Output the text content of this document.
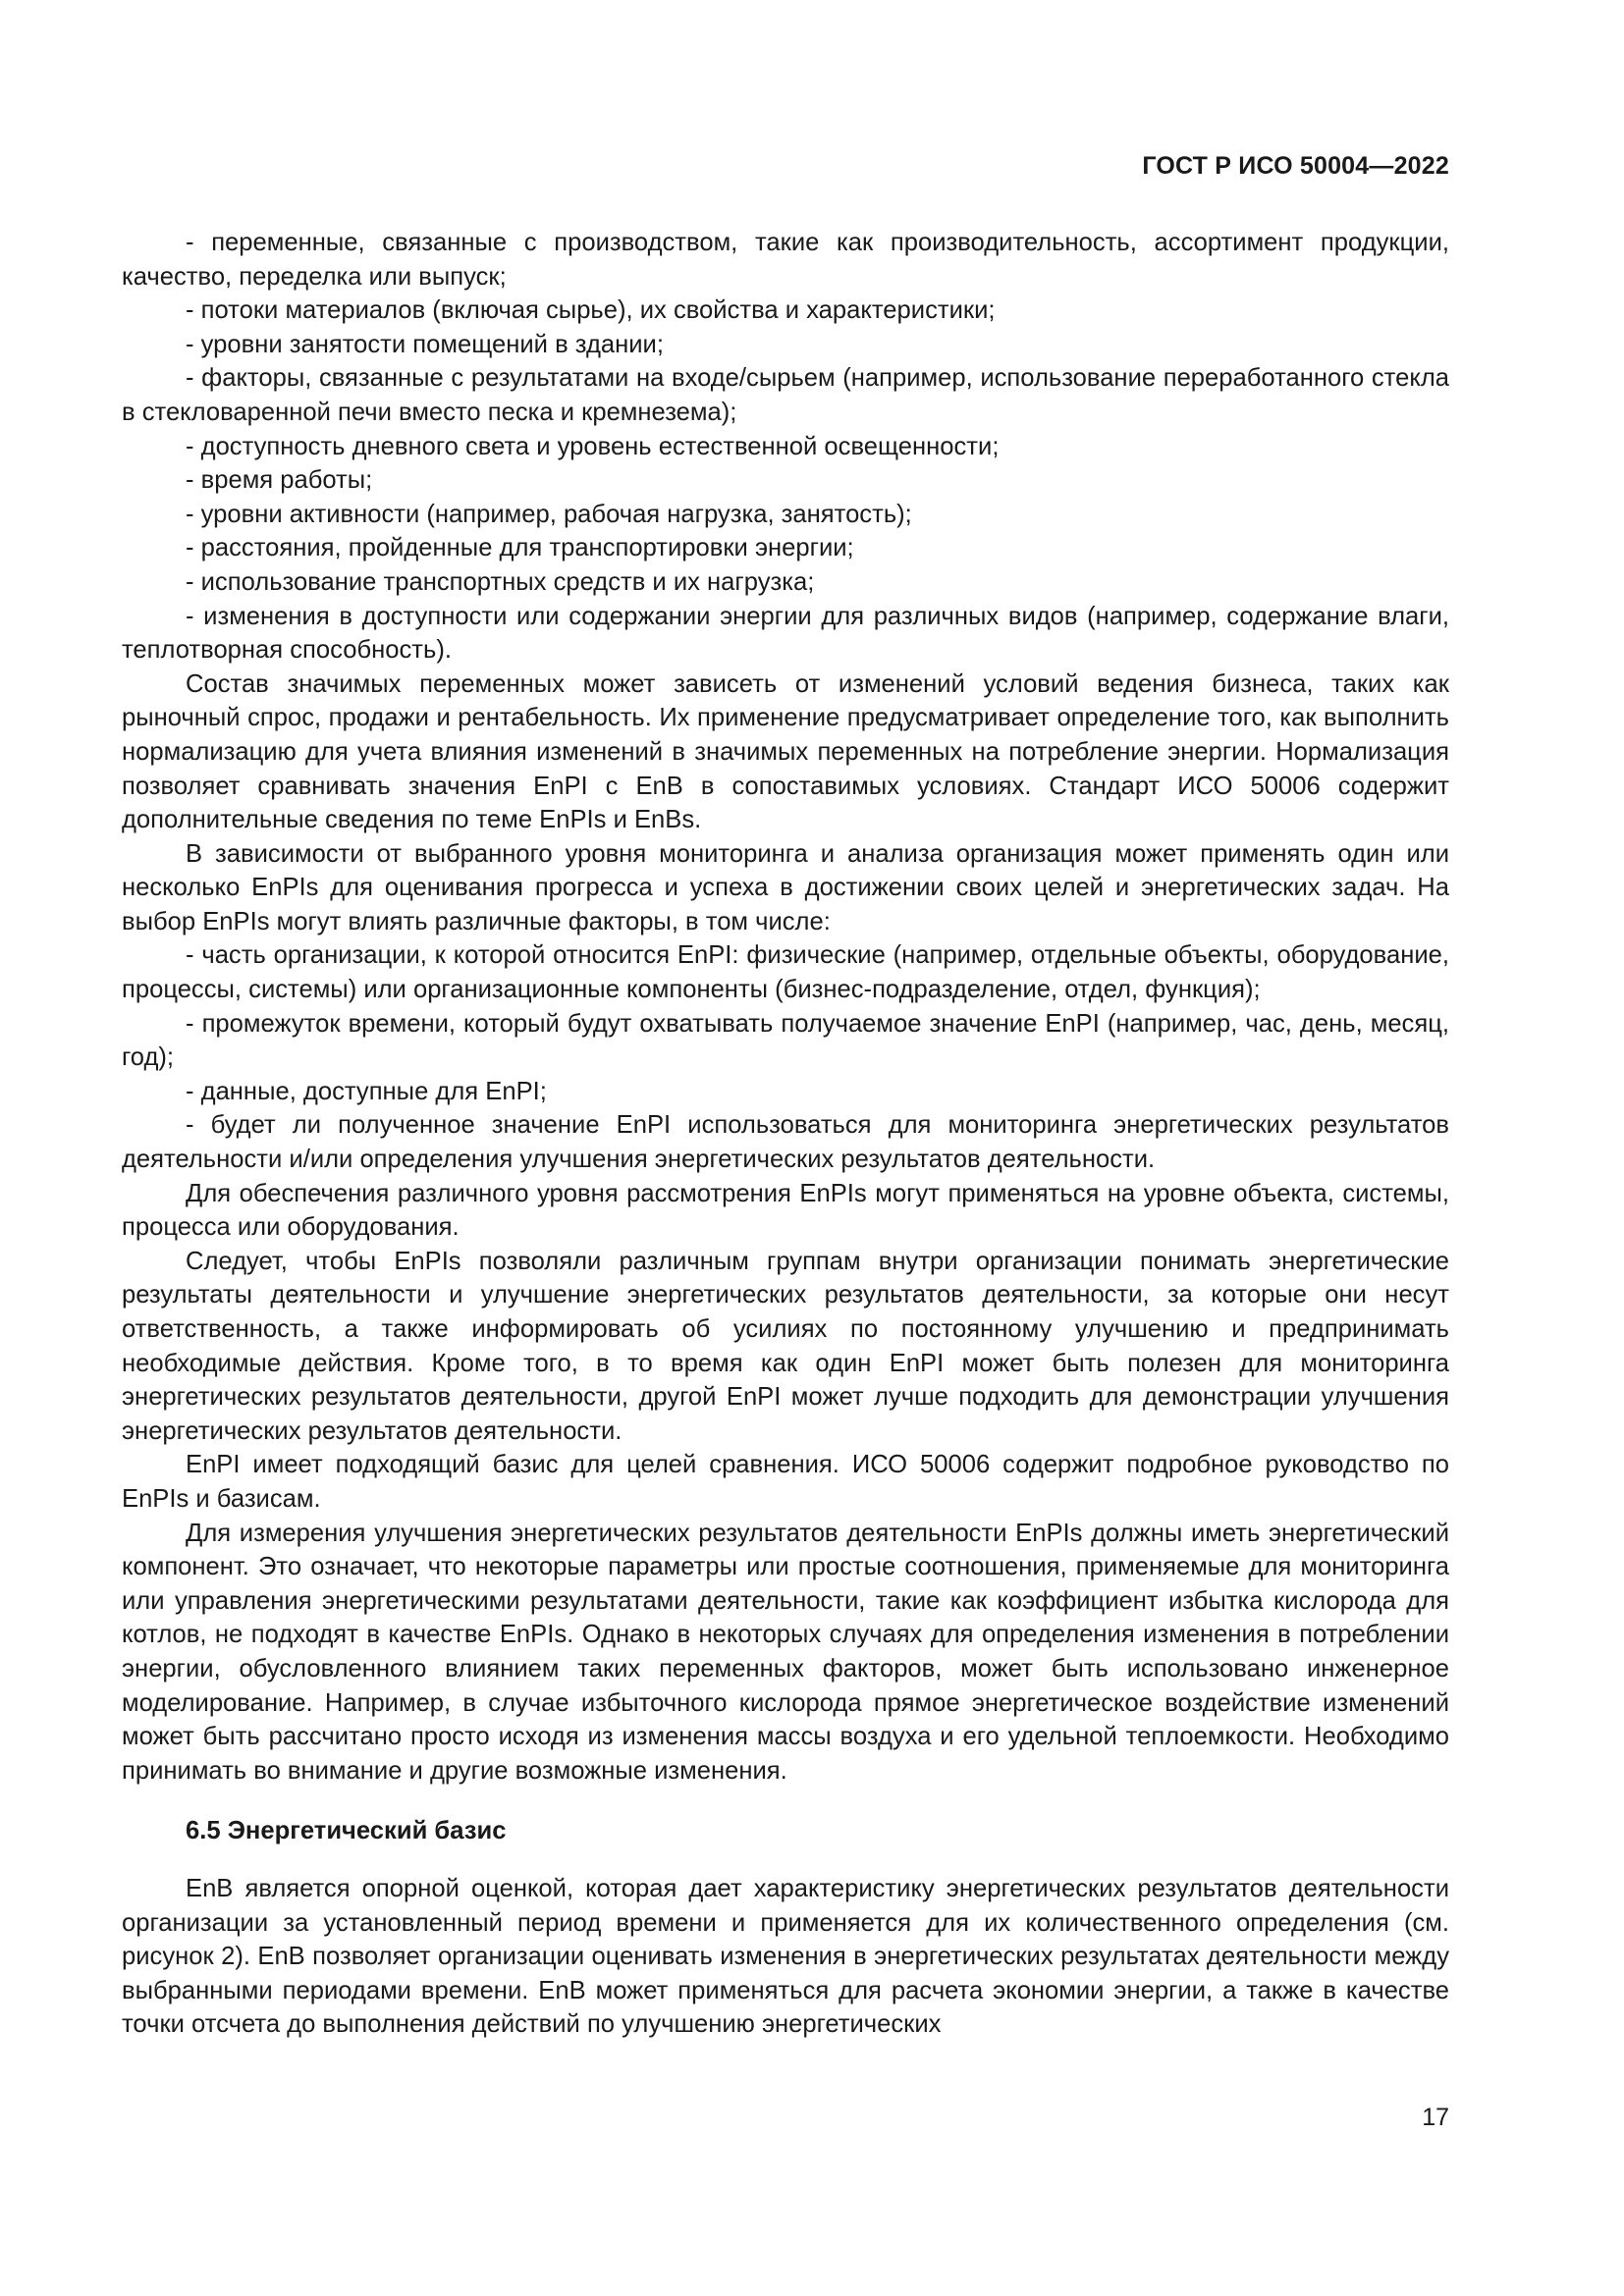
ГОСТ Р ИСО 50004—2022

- переменные, связанные с производством, такие как производительность, ассортимент продукции, качество, переделка или выпуск;

- потоки материалов (включая сырье), их свойства и характеристики;

- уровни занятости помещений в здании;

- факторы, связанные с результатами на входе/сырьем (например, использование переработанного стекла в стекловаренной печи вместо песка и кремнезема);

- доступность дневного света и уровень естественной освещенности;

- время работы;

- уровни активности (например, рабочая нагрузка, занятость);

- расстояния, пройденные для транспортировки энергии;

- использование транспортных средств и их нагрузка;

- изменения в доступности или содержании энергии для различных видов (например, содержание влаги, теплотворная способность).

Состав значимых переменных может зависеть от изменений условий ведения бизнеса, таких как рыночный спрос, продажи и рентабельность. Их применение предусматривает определение того, как выполнить нормализацию для учета влияния изменений в значимых переменных на потребление энергии. Нормализация позволяет сравнивать значения EnPI с EnB в сопоставимых условиях. Стандарт ИСО 50006 содержит дополнительные сведения по теме EnPIs и EnBs.

В зависимости от выбранного уровня мониторинга и анализа организация может применять один или несколько EnPIs для оценивания прогресса и успеха в достижении своих целей и энергетических задач. На выбор EnPIs могут влиять различные факторы, в том числе:

- часть организации, к которой относится EnPI: физические (например, отдельные объекты, оборудование, процессы, системы) или организационные компоненты (бизнес-подразделение, отдел, функция);

- промежуток времени, который будут охватывать получаемое значение EnPI (например, час, день, месяц, год);

- данные, доступные для EnPI;

- будет ли полученное значение EnPI использоваться для мониторинга энергетических результатов деятельности и/или определения улучшения энергетических результатов деятельности.

Для обеспечения различного уровня рассмотрения EnPIs могут применяться на уровне объекта, системы, процесса или оборудования.

Следует, чтобы EnPIs позволяли различным группам внутри организации понимать энергетические результаты деятельности и улучшение энергетических результатов деятельности, за которые они несут ответственность, а также информировать об усилиях по постоянному улучшению и предпринимать необходимые действия. Кроме того, в то время как один EnPI может быть полезен для мониторинга энергетических результатов деятельности, другой EnPI может лучше подходить для демонстрации улучшения энергетических результатов деятельности.

EnPI имеет подходящий базис для целей сравнения. ИСО 50006 содержит подробное руководство по EnPIs и базисам.

Для измерения улучшения энергетических результатов деятельности EnPIs должны иметь энергетический компонент. Это означает, что некоторые параметры или простые соотношения, применяемые для мониторинга или управления энергетическими результатами деятельности, такие как коэффициент избытка кислорода для котлов, не подходят в качестве EnPIs. Однако в некоторых случаях для определения изменения в потреблении энергии, обусловленного влиянием таких переменных факторов, может быть использовано инженерное моделирование. Например, в случае избыточного кислорода прямое энергетическое воздействие изменений может быть рассчитано просто исходя из изменения массы воздуха и его удельной теплоемкости. Необходимо принимать во внимание и другие возможные изменения.

6.5 Энергетический базис

EnB является опорной оценкой, которая дает характеристику энергетических результатов деятельности организации за установленный период времени и применяется для их количественного определения (см. рисунок 2). EnB позволяет организации оценивать изменения в энергетических результатах деятельности между выбранными периодами времени. EnB может применяться для расчета экономии энергии, а также в качестве точки отсчета до выполнения действий по улучшению энергетических

17
